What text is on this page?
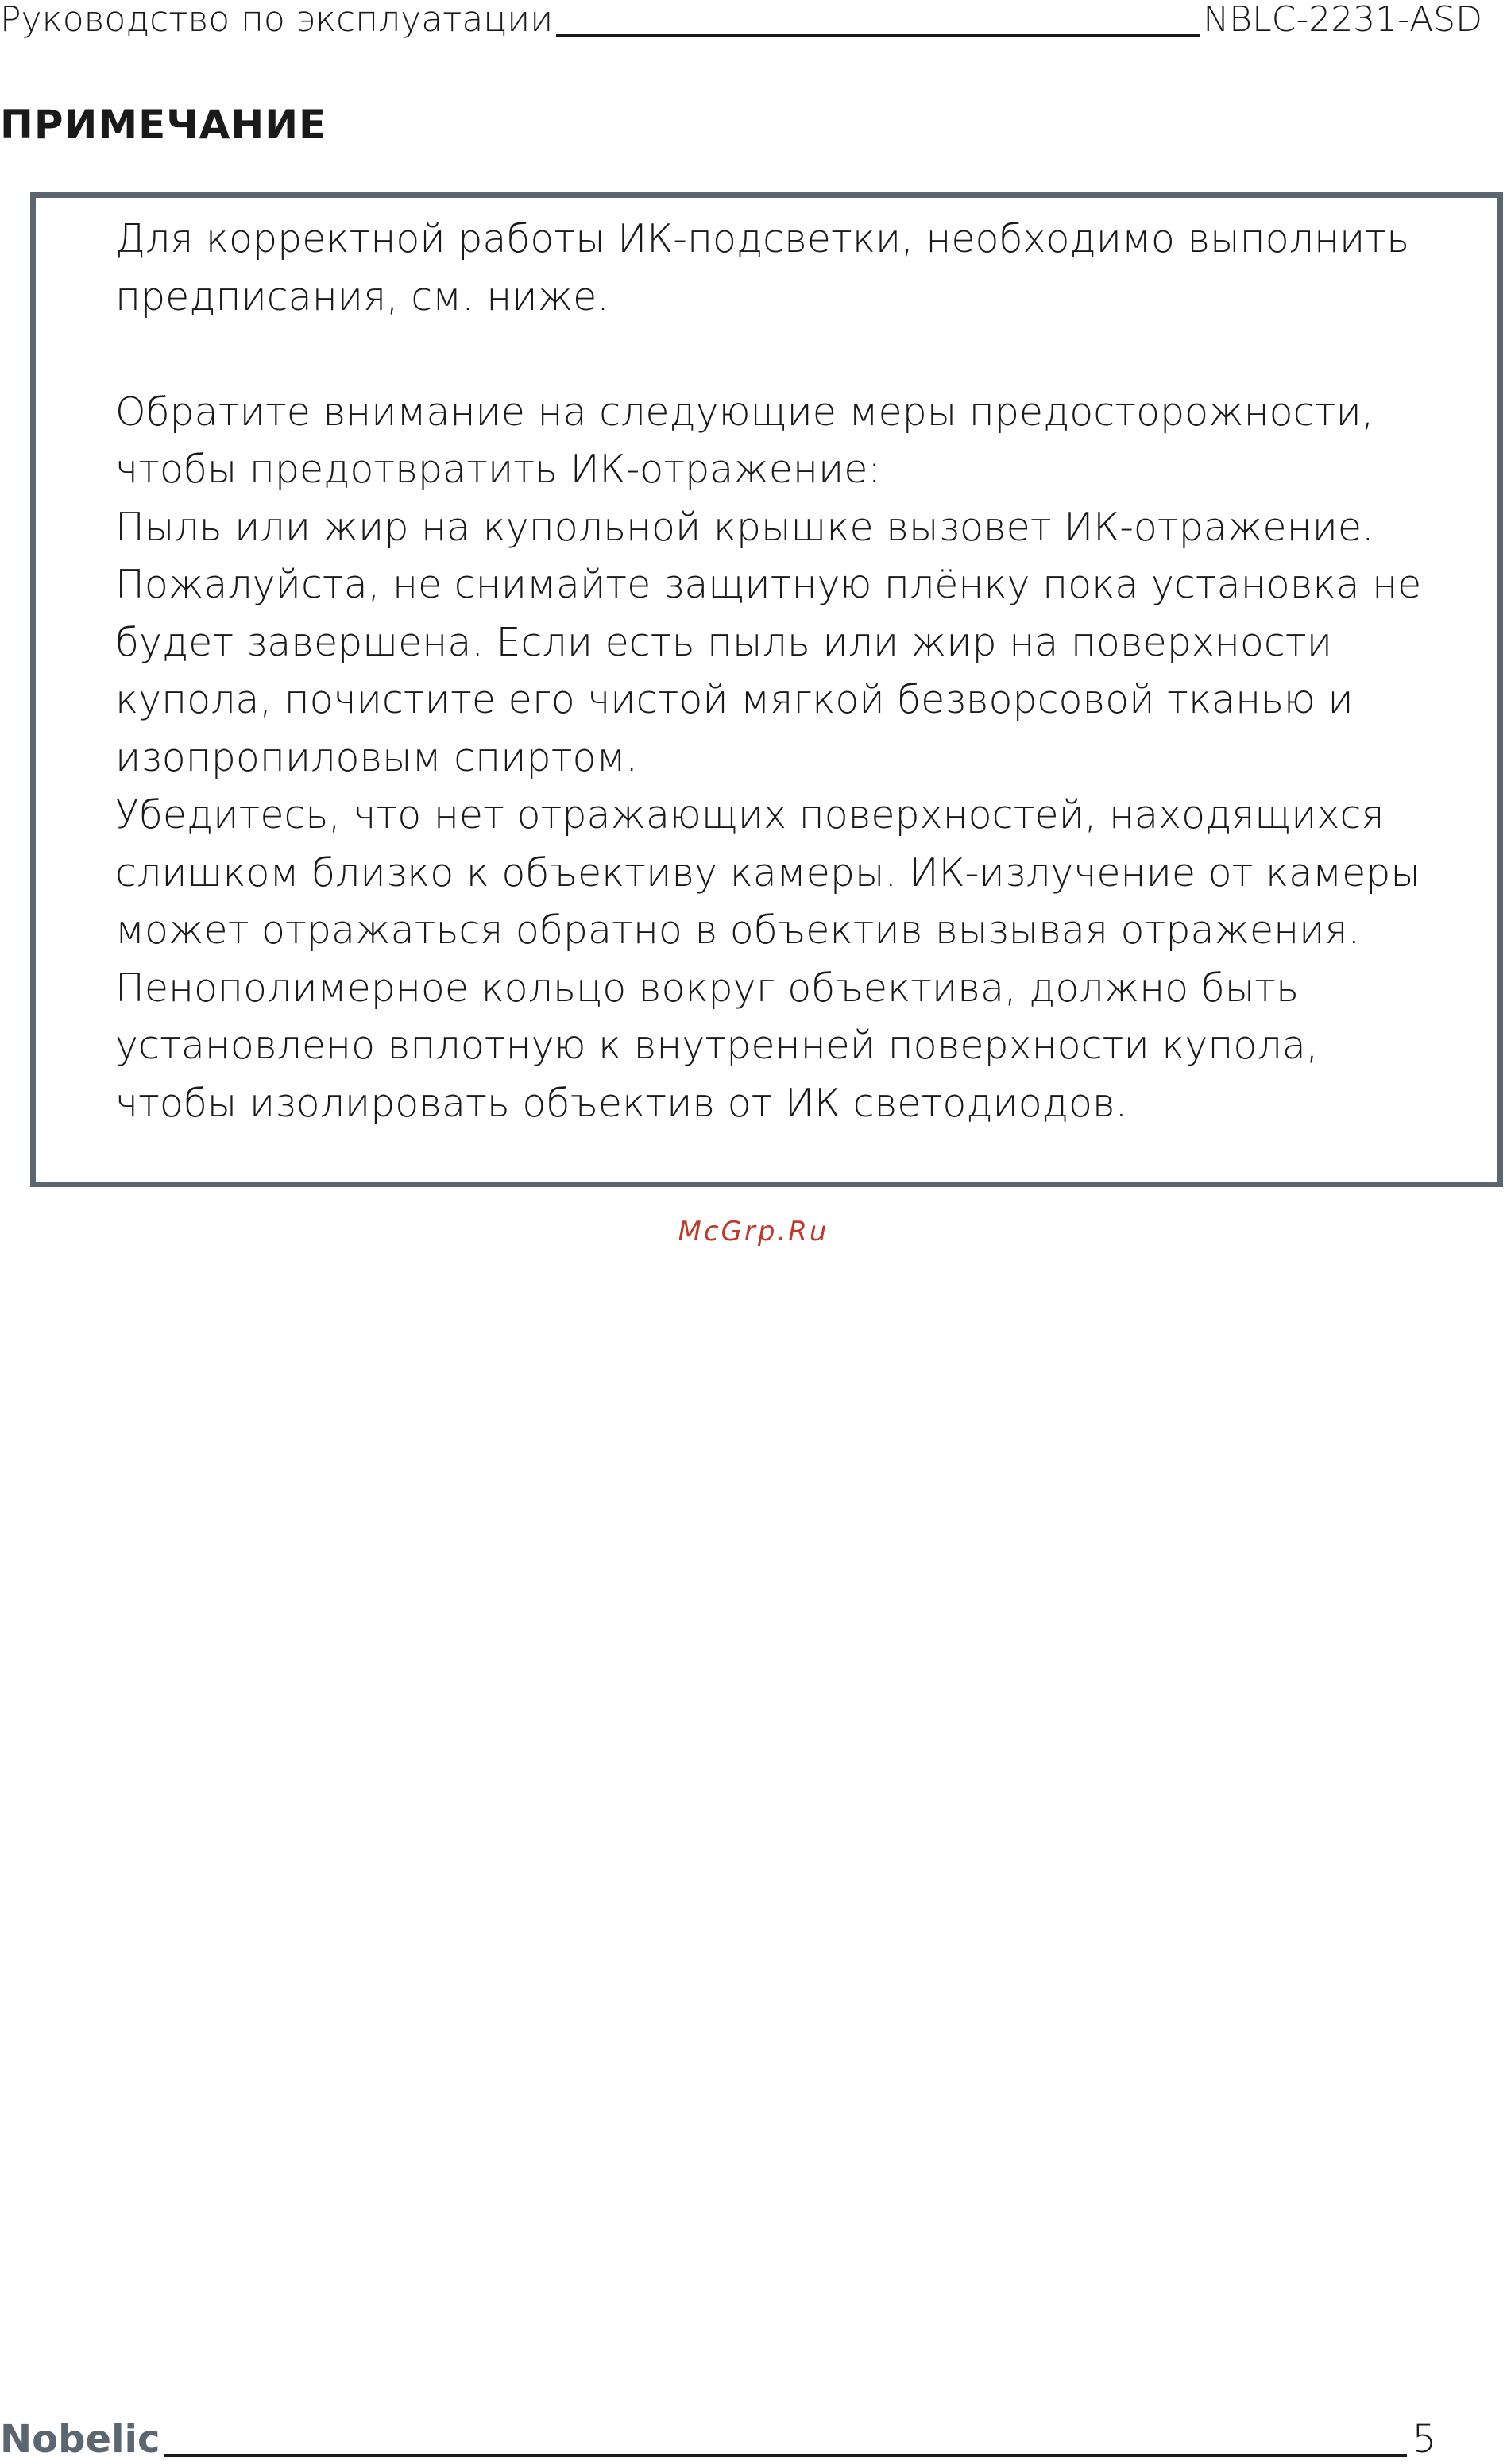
Руководство по эксплуатации	NBLC-2231-ASD
ПРИМЕЧАНИЕ

Для корректной работы ИК-подсветки, необходимо выполнить предписания, см. ниже.

Обратите внимание на следующие меры предосторожности, чтобы предотвратить ИК-отражение:

Пыль или жир на купольной крышке вызовет ИК-отражение. Пожалуйста, не снимайте защитную плёнку пока установка не будет завершена. Если есть пыль или жир на поверхности купола, почистите его чистой мягкой безворсовой тканью и изопропиловым спиртом.

Убедитесь, что нет отражающих поверхностей, находящихся слишком близко к объективу камеры. ИК-излучение от камеры может отражаться обратно в объектив вызывая отражения.

Пенополимерное кольцо вокруг объектива, должно быть установлено вплотную к внутренней поверхности купола, чтобы изолировать объектив от ИК светодиодов.

McGrp.Ru
Nobelic	5
